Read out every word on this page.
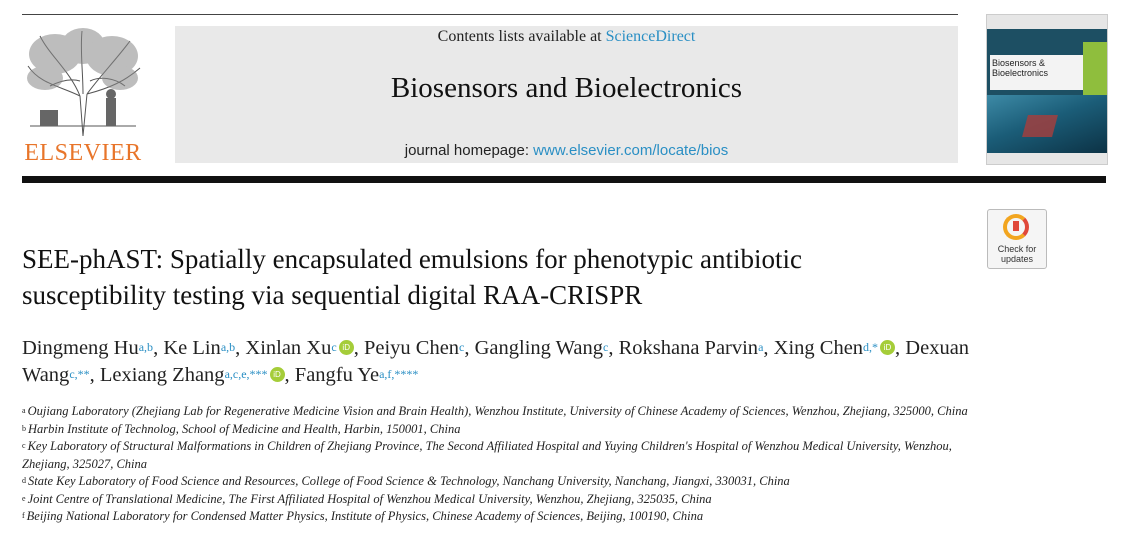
ELSEVIER
Contents lists available at ScienceDirect
Biosensors and Bioelectronics
journal homepage: www.elsevier.com/locate/bios
Biosensors & Bioelectronics
Check for
updates
SEE-phAST: Spatially encapsulated emulsions for phenotypic antibiotic
susceptibility testing via sequential digital RAA-CRISPR
Dingmeng Hu$^{a,b}$, Ke Lin$^{a,b}$, Xinlan Xu$^c$ iD , Peiyu Chen$^c$, Gangling Wang$^c$, Rokshana Parvin$^a$, Xing Chen$^{d,*}$ iD , Dexuan Wang$^{c,**}$, Lexiang Zhang$^{a,c,e,***}$ iD , Fangfu $Ye^{a,f,****}$

$^a$ Oujiang Laboratory (Zhejiang Lab for Regenerative Medicine Vision and Brain Health), Wenzhou Institute, University of Chinese Academy of Sciences, Wenzhou, Zhejiang, 325000, China

$^b$ Harbin Institute of Technolog, School of Medicine and Health, Harbin, 150001, China

$^c$ Key Laboratory of Structural Malformations in Children of Zhejiang Province, The Second Affiliated Hospital and Yuying Children's Hospital of Wenzhou Medical University, Wenzhou, Zhejiang, 325027, China

$^d$ State Key Laboratory of Food Science and Resources, College of Food Science & Technology, Nanchang University, Nanchang, Jiangxi, 330031, China

$^e$ Joint Centre of Translational Medicine, The First Affiliated Hospital of Wenzhou Medical University, Wenzhou, Zhejiang, 325035, China

$^f$ Beijing National Laboratory for Condensed Matter Physics, Institute of Physics, Chinese Academy of Sciences, Beijing, 100190, China
